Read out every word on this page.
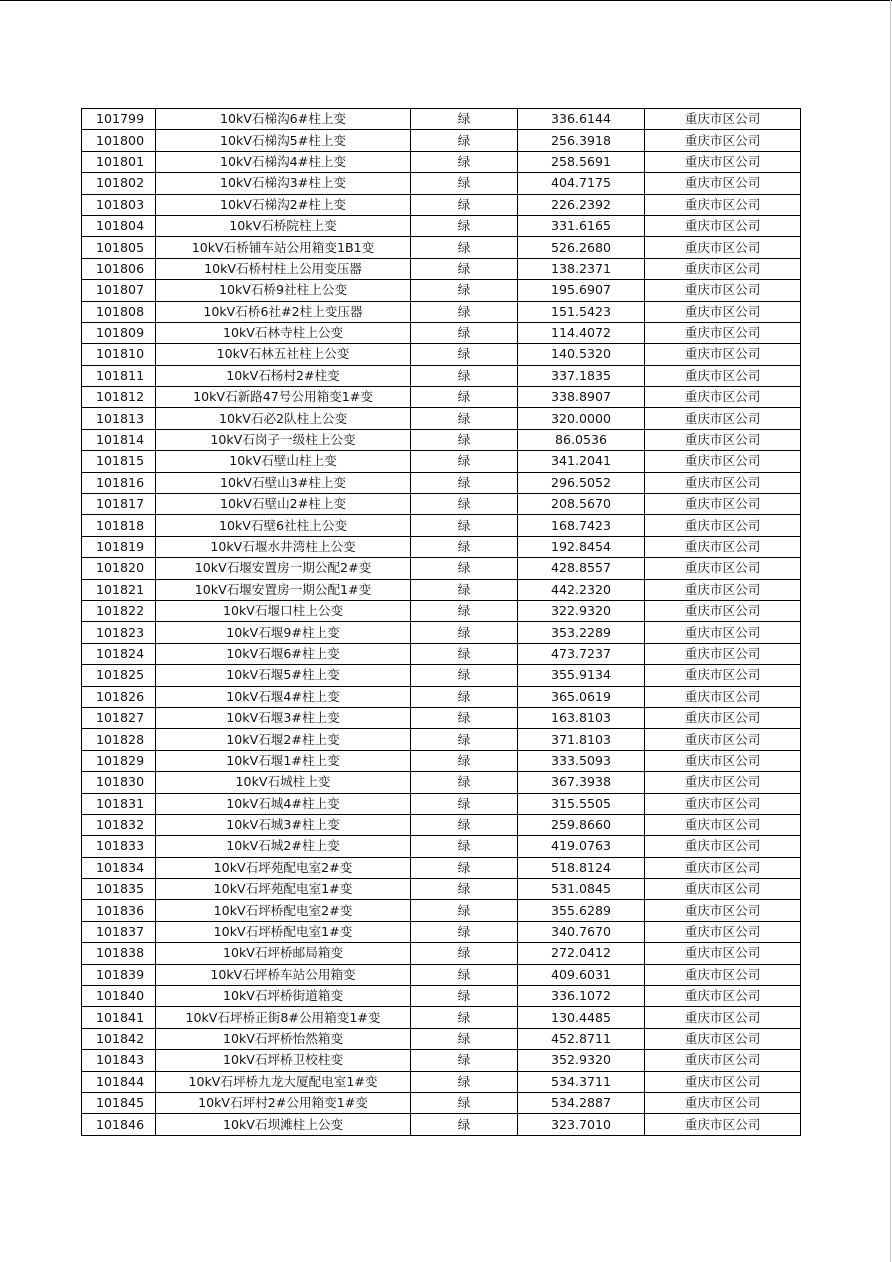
101799	10kV石梯沟6#柱上变	绿	336.6144	重庆市区公司
101800	10kV石梯沟5#柱上变	绿	256.3918	重庆市区公司
101801	10kV石梯沟4#柱上变	绿	258.5691	重庆市区公司
101802	10kV石梯沟3#柱上变	绿	404.7175	重庆市区公司
101803	10kV石梯沟2#柱上变	绿	226.2392	重庆市区公司
101804	10kV石桥院柱上变	绿	331.6165	重庆市区公司
101805	10kV石桥铺车站公用箱变1B1变	绿	526.2680	重庆市区公司
101806	10kV石桥村柱上公用变压器	绿	138.2371	重庆市区公司
101807	10kV石桥9社柱上公变	绿	195.6907	重庆市区公司
101808	10kV石桥6社#2柱上变压器	绿	151.5423	重庆市区公司
101809	10kV石林寺柱上公变	绿	114.4072	重庆市区公司
101810	10kV石林五社柱上公变	绿	140.5320	重庆市区公司
101811	10kV石杨村2#柱变	绿	337.1835	重庆市区公司
101812	10kV石新路47号公用箱变1#变	绿	338.8907	重庆市区公司
101813	10kV石必2队柱上公变	绿	320.0000	重庆市区公司
101814	10kV石岗子一级柱上公变	绿	86.0536	重庆市区公司
101815	10kV石壁山柱上变	绿	341.2041	重庆市区公司
101816	10kV石壁山3#柱上变	绿	296.5052	重庆市区公司
101817	10kV石壁山2#柱上变	绿	208.5670	重庆市区公司
101818	10kV石壁6社柱上公变	绿	168.7423	重庆市区公司
101819	10kV石堰水井湾柱上公变	绿	192.8454	重庆市区公司
101820	10kV石堰安置房一期公配2#变	绿	428.8557	重庆市区公司
101821	10kV石堰安置房一期公配1#变	绿	442.2320	重庆市区公司
101822	10kV石堰口柱上公变	绿	322.9320	重庆市区公司
101823	10kV石堰9#柱上变	绿	353.2289	重庆市区公司
101824	10kV石堰6#柱上变	绿	473.7237	重庆市区公司
101825	10kV石堰5#柱上变	绿	355.9134	重庆市区公司
101826	10kV石堰4#柱上变	绿	365.0619	重庆市区公司
101827	10kV石堰3#柱上变	绿	163.8103	重庆市区公司
101828	10kV石堰2#柱上变	绿	371.8103	重庆市区公司
101829	10kV石堰1#柱上变	绿	333.5093	重庆市区公司
101830	10kV石城柱上变	绿	367.3938	重庆市区公司
101831	10kV石城4#柱上变	绿	315.5505	重庆市区公司
101832	10kV石城3#柱上变	绿	259.8660	重庆市区公司
101833	10kV石城2#柱上变	绿	419.0763	重庆市区公司
101834	10kV石坪苑配电室2#变	绿	518.8124	重庆市区公司
101835	10kV石坪苑配电室1#变	绿	531.0845	重庆市区公司
101836	10kV石坪桥配电室2#变	绿	355.6289	重庆市区公司
101837	10kV石坪桥配电室1#变	绿	340.7670	重庆市区公司
101838	10kV石坪桥邮局箱变	绿	272.0412	重庆市区公司
101839	10kV石坪桥车站公用箱变	绿	409.6031	重庆市区公司
101840	10kV石坪桥街道箱变	绿	336.1072	重庆市区公司
101841	10kV石坪桥正街8#公用箱变1#变	绿	130.4485	重庆市区公司
101842	10kV石坪桥怡然箱变	绿	452.8711	重庆市区公司
101843	10kV石坪桥卫校柱变	绿	352.9320	重庆市区公司
101844	10kV石坪桥九龙大厦配电室1#变	绿	534.3711	重庆市区公司
101845	10kV石坪村2#公用箱变1#变	绿	534.2887	重庆市区公司
101846	10kV石坝滩柱上公变	绿	323.7010	重庆市区公司
